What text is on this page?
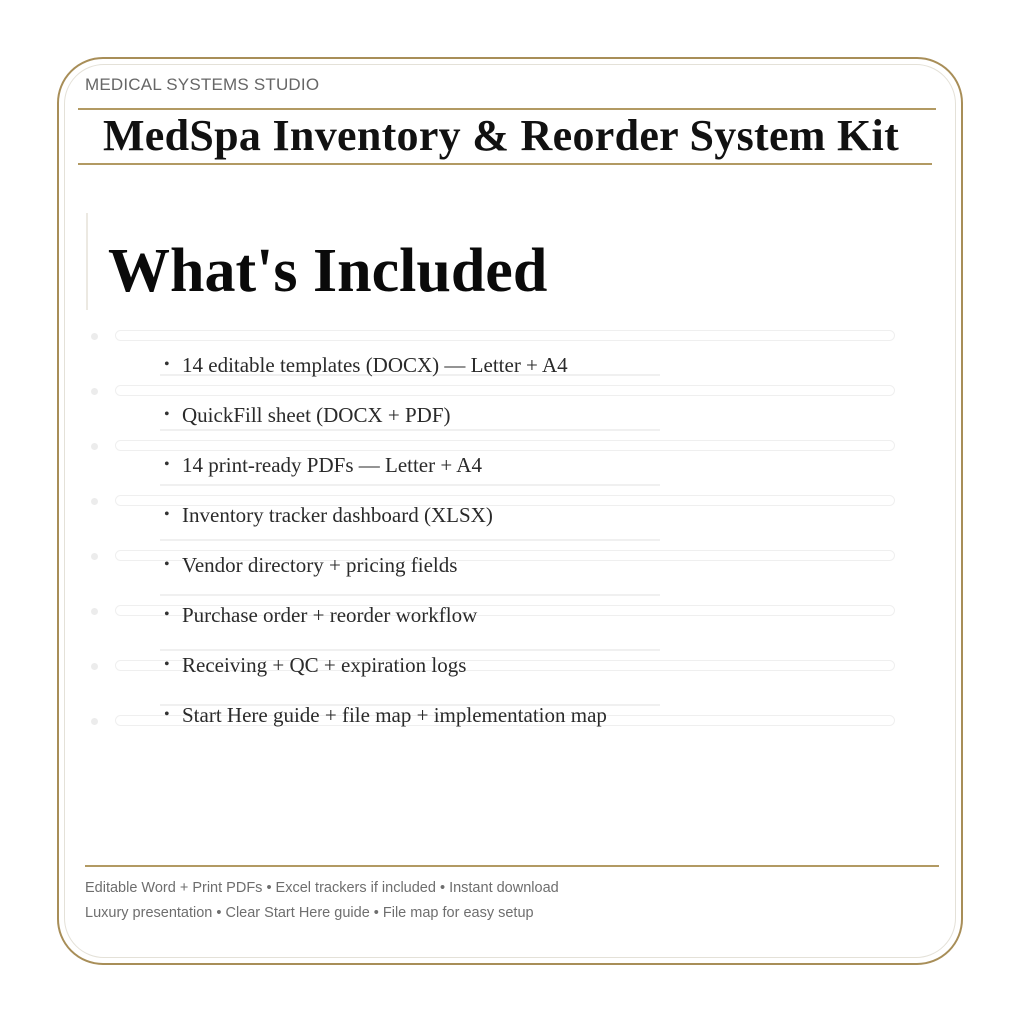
MEDICAL SYSTEMS STUDIO
MedSpa Inventory & Reorder System Kit
What's Included
• 14 editable templates (DOCX) — Letter + A4
• QuickFill sheet (DOCX + PDF)
• 14 print-ready PDFs — Letter + A4
• Inventory tracker dashboard (XLSX)
• Vendor directory + pricing fields
• Purchase order + reorder workflow
• Receiving + QC + expiration logs
• Start Here guide + file map + implementation map
Editable Word + Print PDFs • Excel trackers if included • Instant download
Luxury presentation • Clear Start Here guide • File map for easy setup
